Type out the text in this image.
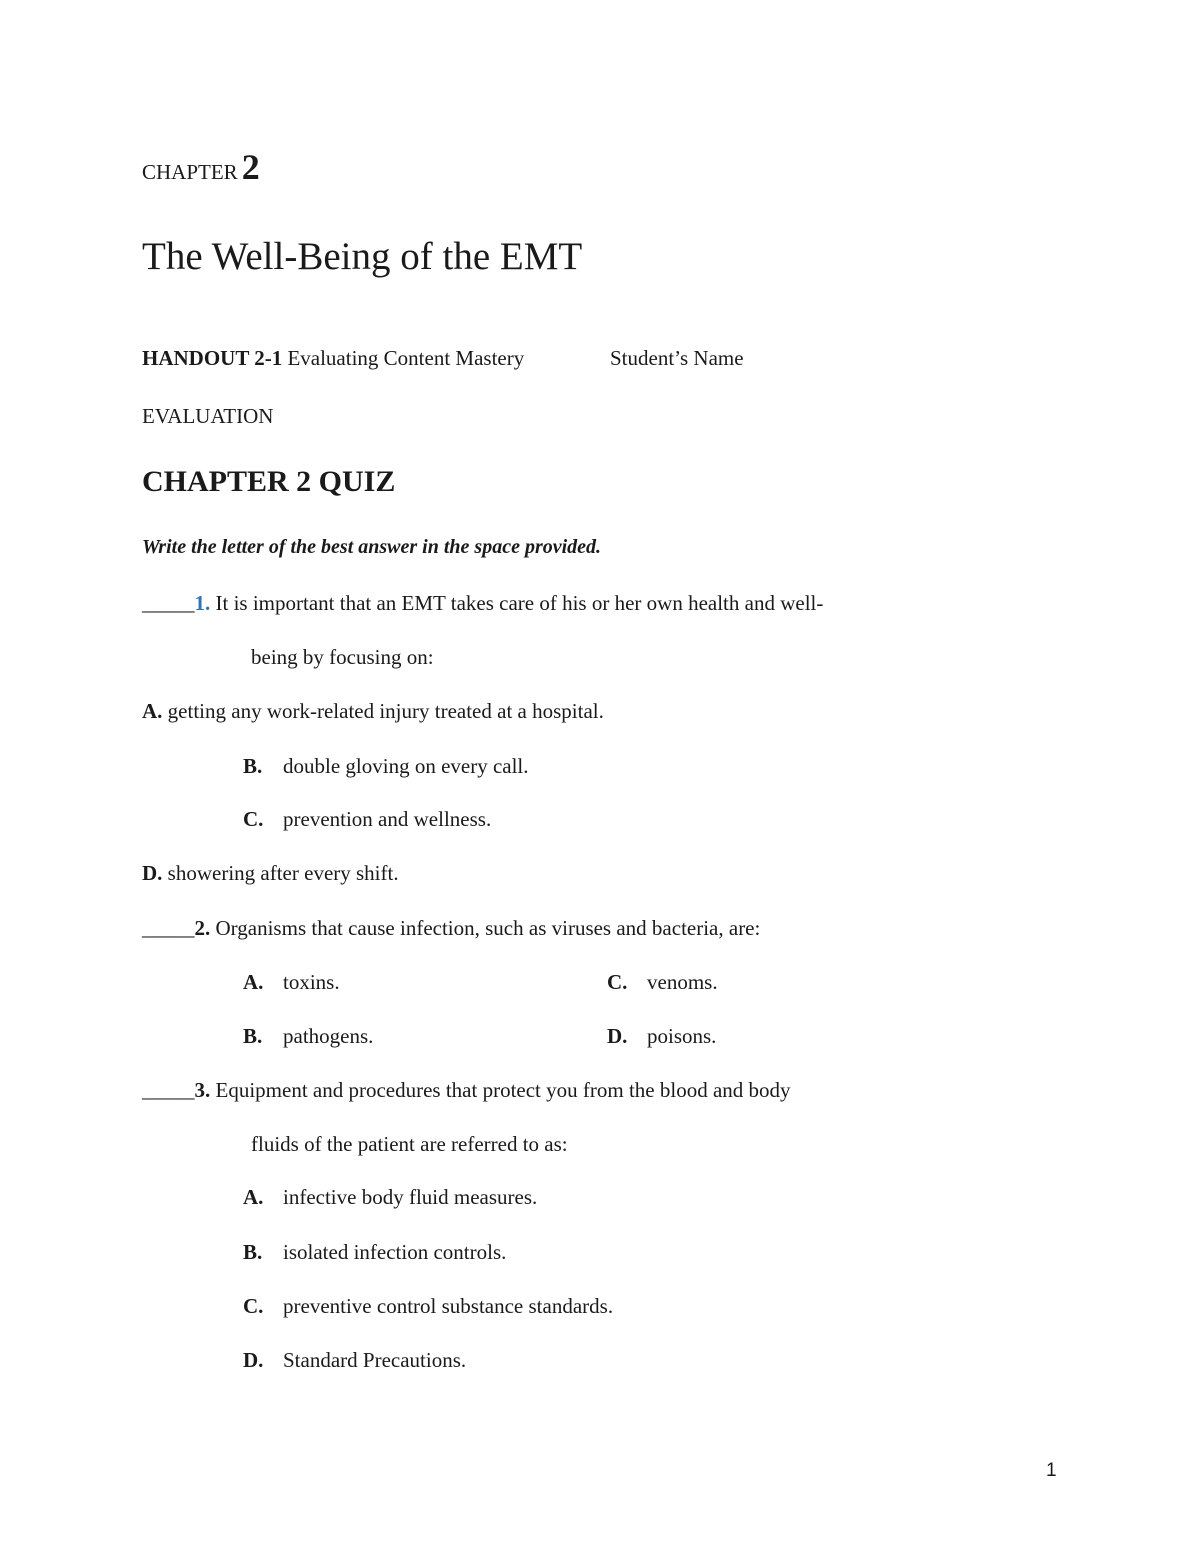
CHAPTER 2
The Well-Being of the EMT
HANDOUT 2-1 Evaluating Content Mastery	Student’s Name
EVALUATION
CHAPTER 2 QUIZ
Write the letter of the best answer in the space provided.
_____1. It is important that an EMT takes care of his or her own health and well-
being by focusing on:
A. getting any work-related injury treated at a hospital.
B. double gloving on every call.
C. prevention and wellness.
D. showering after every shift.
_____2. Organisms that cause infection, such as viruses and bacteria, are:
A. toxins.	C. venoms.
B. pathogens.	D. poisons.
_____3. Equipment and procedures that protect you from the blood and body
fluids of the patient are referred to as:
A. infective body fluid measures.
B. isolated infection controls.
C. preventive control substance standards.
D. Standard Precautions.
1
